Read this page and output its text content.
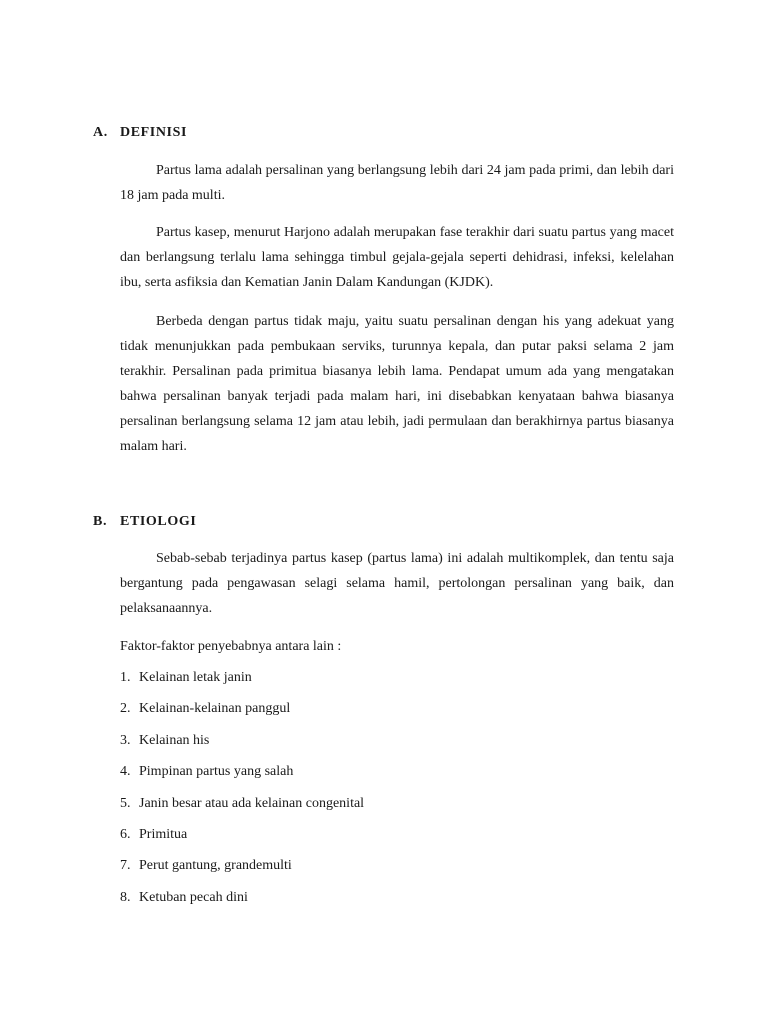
A. DEFINISI

Partus lama adalah persalinan yang berlangsung lebih dari 24 jam pada primi, dan lebih dari 18 jam pada multi.

Partus kasep, menurut Harjono adalah merupakan fase terakhir dari suatu partus yang macet dan berlangsung terlalu lama sehingga timbul gejala-gejala seperti dehidrasi, infeksi, kelelahan ibu, serta asfiksia dan Kematian Janin Dalam Kandungan (KJDK).

Berbeda dengan partus tidak maju, yaitu suatu persalinan dengan his yang adekuat yang tidak menunjukkan pada pembukaan serviks, turunnya kepala, dan putar paksi selama 2 jam terakhir. Persalinan pada primitua biasanya lebih lama. Pendapat umum ada yang mengatakan bahwa persalinan banyak terjadi pada malam hari, ini disebabkan kenyataan bahwa biasanya persalinan berlangsung selama 12 jam atau lebih, jadi permulaan dan berakhirnya partus biasanya malam hari.

B. ETIOLOGI

Sebab-sebab terjadinya partus kasep (partus lama) ini adalah multikomplek, dan tentu saja bergantung pada pengawasan selagi selama hamil, pertolongan persalinan yang baik, dan pelaksanaannya.

Faktor-faktor penyebabnya antara lain :

1. Kelainan letak janin
2. Kelainan-kelainan panggul
3. Kelainan his
4. Pimpinan partus yang salah
5. Janin besar atau ada kelainan congenital
6. Primitua
7. Perut gantung, grandemulti
8. Ketuban pecah dini
